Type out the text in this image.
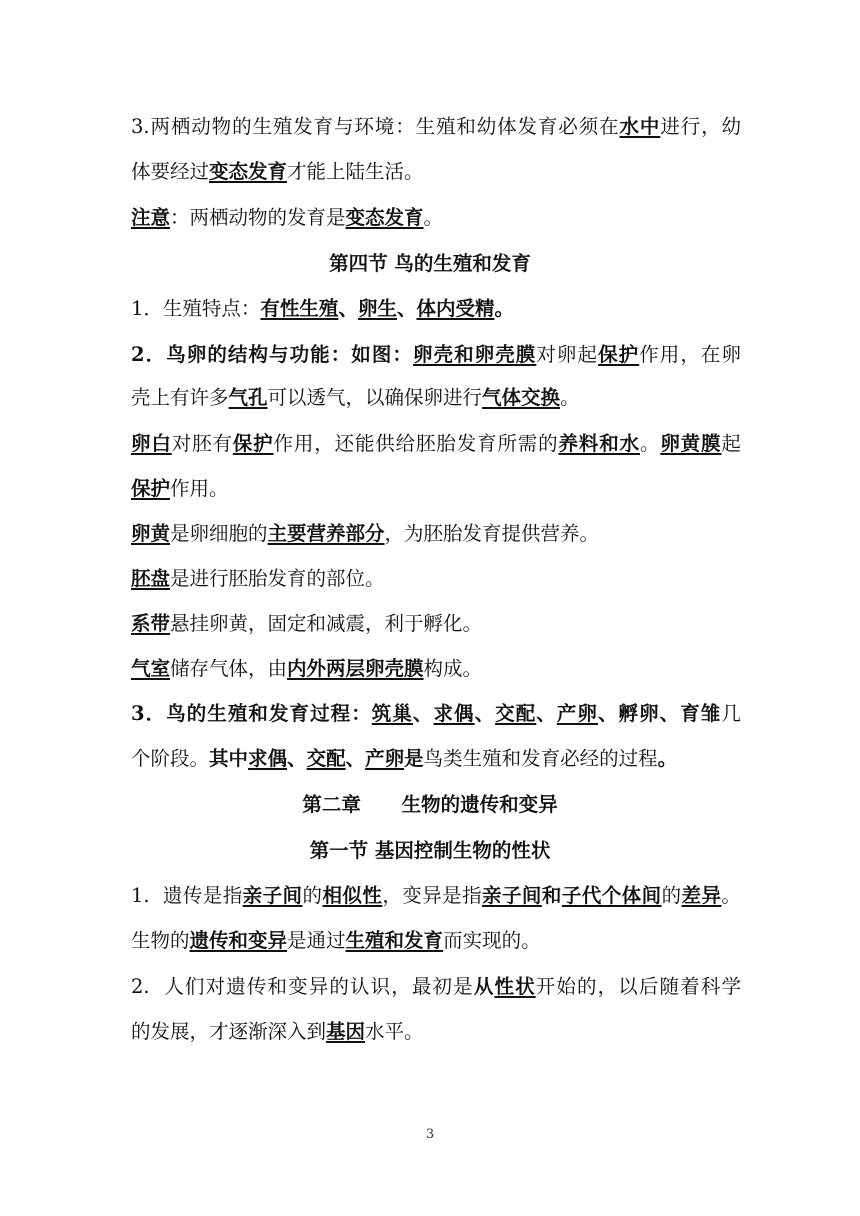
3.两栖动物的生殖发育与环境：生殖和幼体发育必须在水中进行，幼
体要经过变态发育才能上陆生活。
注意：两栖动物的发育是变态发育。
第四节 鸟的生殖和发育
1．生殖特点：有性生殖、卵生、体内受精。
2．鸟卵的结构与功能：如图：卵壳和卵壳膜对卵起保护作用，在卵
壳上有许多气孔可以透气，以确保卵进行气体交换。
卵白对胚有保护作用，还能供给胚胎发育所需的养料和水。卵黄膜起
保护作用。
卵黄是卵细胞的主要营养部分，为胚胎发育提供营养。
胚盘是进行胚胎发育的部位。
系带悬挂卵黄，固定和减震，利于孵化。
气室储存气体，由内外两层卵壳膜构成。
3．鸟的生殖和发育过程：筑巢、求偶、交配、产卵、孵卵、育雏几
个阶段。其中求偶、交配、产卵是鸟类生殖和发育必经的过程。
第二章      生物的遗传和变异
第一节 基因控制生物的性状
1.  遗传是指亲子间的相似性，变异是指亲子间和子代个体间的差异。
生物的遗传和变异是通过生殖和发育而实现的。
2.  人们对遗传和变异的认识，最初是从性状开始的，以后随着科学
的发展，才逐渐深入到基因水平。
3
